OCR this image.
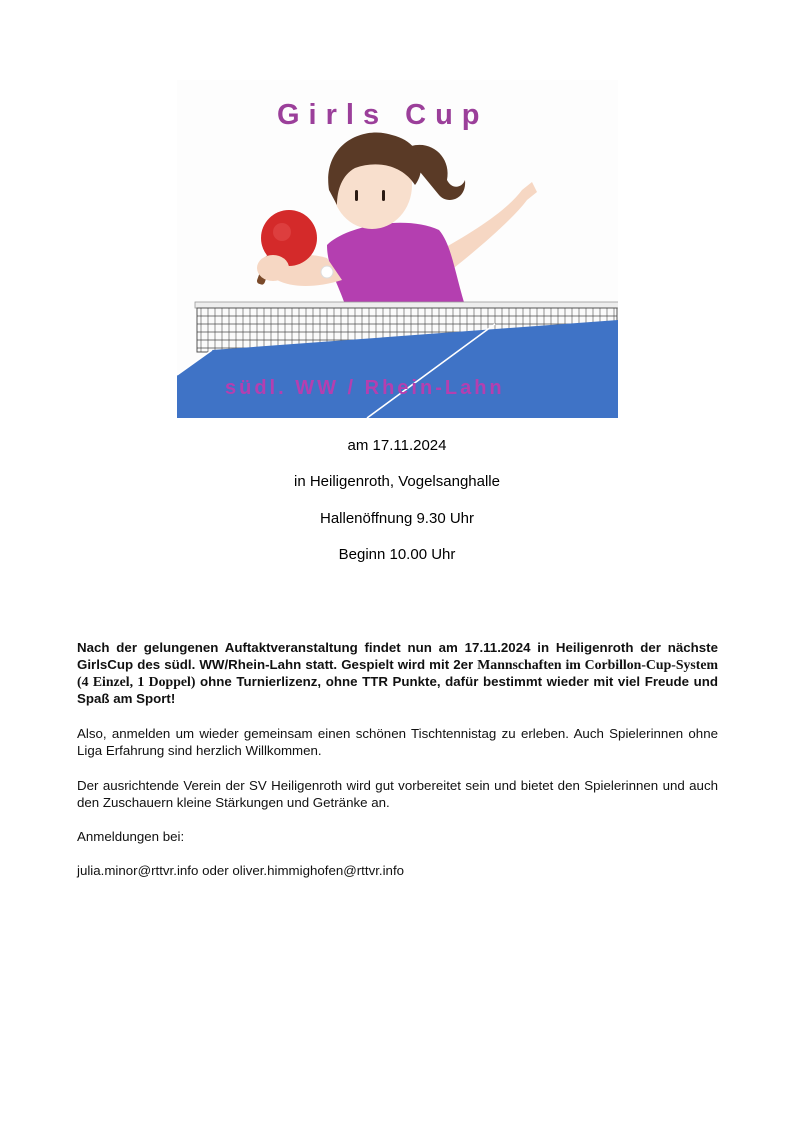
Girls Cup
südl. WW / Rhein-Lahn
am 17.11.2024
in Heiligenroth, Vogelsanghalle
Hallenöffnung 9.30 Uhr
Beginn 10.00 Uhr
Nach der gelungenen Auftaktveranstaltung findet nun am 17.11.2024 in Heiligenroth der nächste GirlsCup des südl. WW/Rhein-Lahn statt. Gespielt wird mit 2er Mannschaften im Corbillon-Cup-System (4 Einzel, 1 Doppel) ohne Turnierlizenz, ohne TTR Punkte, dafür bestimmt wieder mit viel Freude und Spaß am Sport!
Also, anmelden um wieder gemeinsam einen schönen Tischtennistag zu erleben. Auch Spielerinnen ohne Liga Erfahrung sind herzlich Willkommen.
Der ausrichtende Verein der SV Heiligenroth wird gut vorbereitet sein und bietet den Spielerinnen und auch den Zuschauern kleine Stärkungen und Getränke an.
Anmeldungen bei:
julia.minor@rttvr.info oder oliver.himmighofen@rttvr.info
